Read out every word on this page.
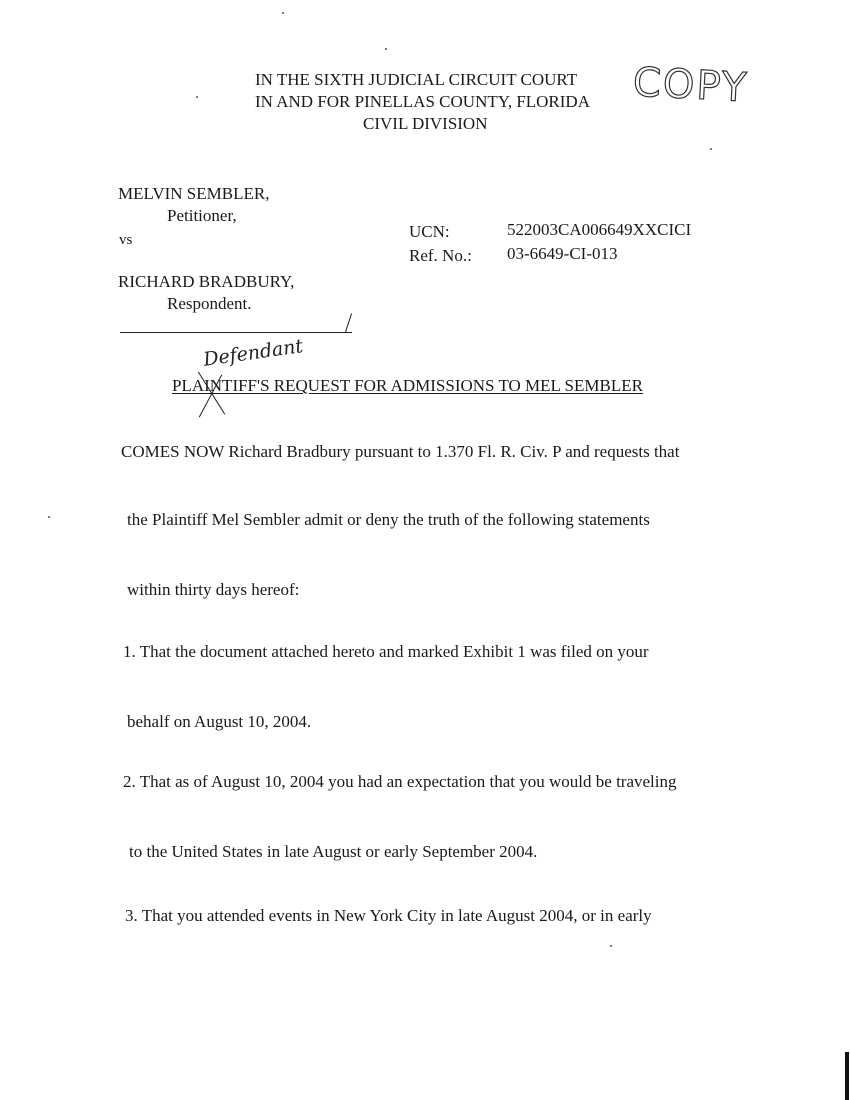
IN THE SIXTH JUDICIAL CIRCUIT COURT
IN AND FOR PINELLAS COUNTY, FLORIDA
CIVIL DIVISION
COPY
MELVIN SEMBLER,
Petitioner,
vs
RICHARD BRADBURY,
Respondent.
UCN:	522003CA006649XXCICI
Ref. No.: 03-6649-CI-013
Defendant
PLAINTIFF'S REQUEST FOR ADMISSIONS TO MEL SEMBLER
COMES NOW Richard Bradbury pursuant to 1.370 Fl. R. Civ. P and requests that
the Plaintiff Mel Sembler admit or deny the truth of the following statements
within thirty days hereof:
1. That the document attached hereto and marked Exhibit 1 was filed on your
behalf on August 10, 2004.
2. That as of August 10, 2004 you had an expectation that you would be traveling
to the United States in late August or early September 2004.
3. That you attended events in New York City in late August 2004, or in early
